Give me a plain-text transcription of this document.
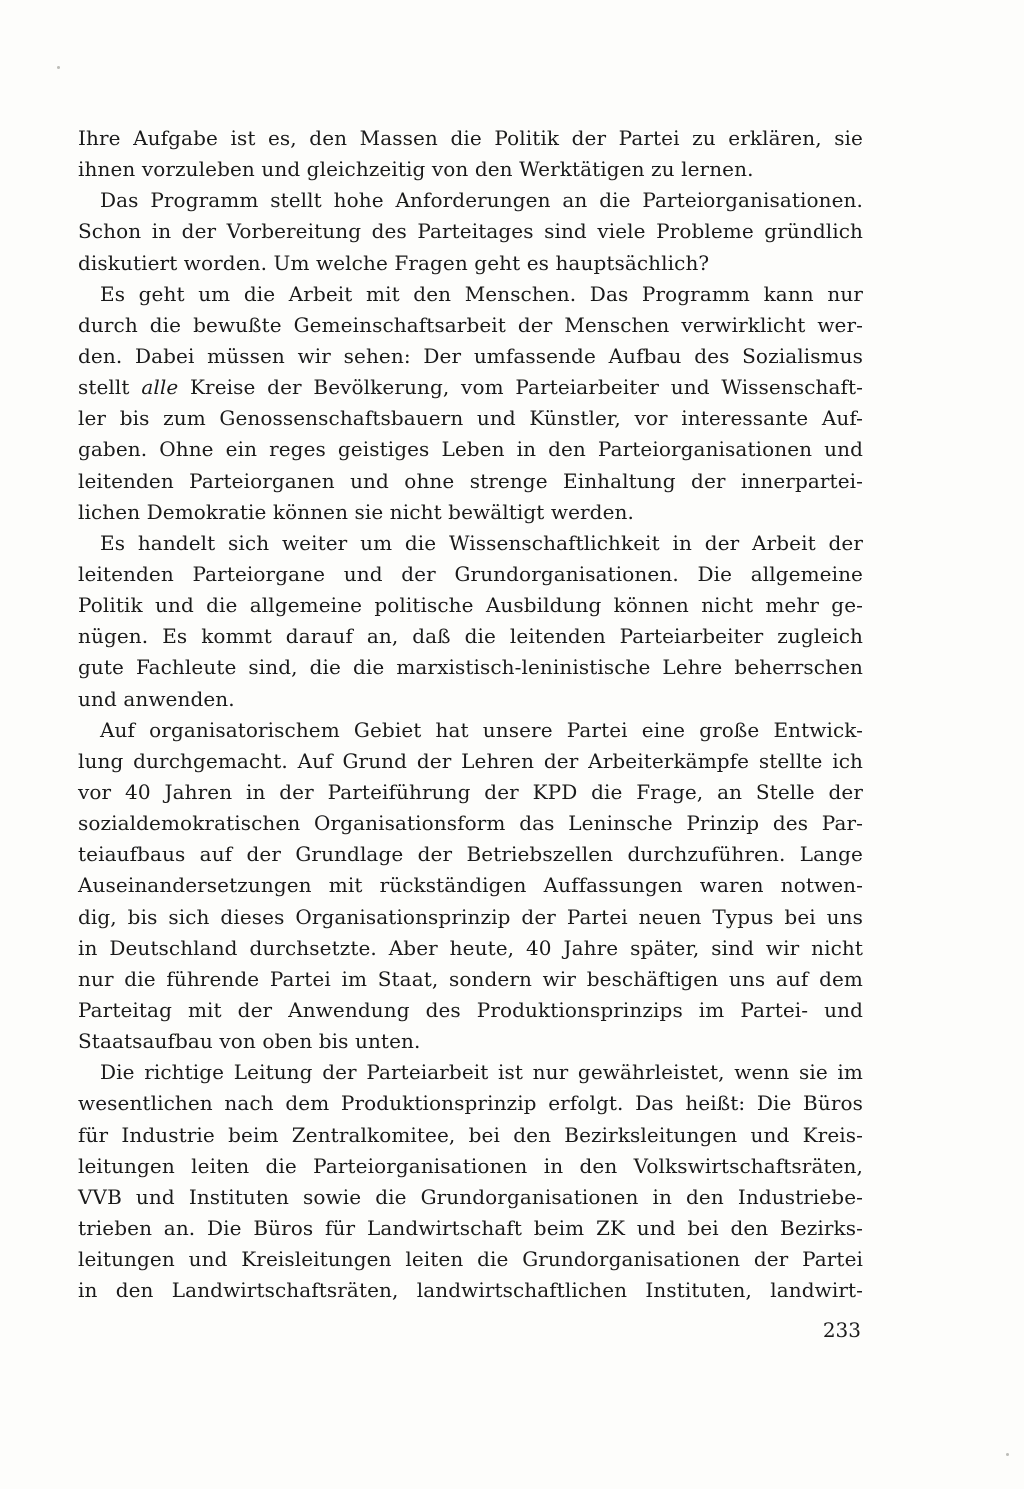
Ihre Aufgabe ist es, den Massen die Politik der Partei zu erklären, sie
ihnen vorzuleben und gleichzeitig von den Werktätigen zu lernen.
Das Programm stellt hohe Anforderungen an die Parteiorganisationen.
Schon in der Vorbereitung des Parteitages sind viele Probleme gründlich
diskutiert worden. Um welche Fragen geht es hauptsächlich?
Es geht um die Arbeit mit den Menschen. Das Programm kann nur
durch die bewußte Gemeinschaftsarbeit der Menschen verwirklicht wer-
den. Dabei müssen wir sehen: Der umfassende Aufbau des Sozialismus
stellt alle Kreise der Bevölkerung, vom Parteiarbeiter und Wissenschaft-
ler bis zum Genossenschaftsbauern und Künstler, vor interessante Auf-
gaben. Ohne ein reges geistiges Leben in den Parteiorganisationen und
leitenden Parteiorganen und ohne strenge Einhaltung der innerpartei-
lichen Demokratie können sie nicht bewältigt werden.
Es handelt sich weiter um die Wissenschaftlichkeit in der Arbeit der
leitenden Parteiorgane und der Grundorganisationen. Die allgemeine
Politik und die allgemeine politische Ausbildung können nicht mehr ge-
nügen. Es kommt darauf an, daß die leitenden Parteiarbeiter zugleich
gute Fachleute sind, die die marxistisch-leninistische Lehre beherrschen
und anwenden.
Auf organisatorischem Gebiet hat unsere Partei eine große Entwick-
lung durchgemacht. Auf Grund der Lehren der Arbeiterkämpfe stellte ich
vor 40 Jahren in der Parteiführung der KPD die Frage, an Stelle der
sozialdemokratischen Organisationsform das Leninsche Prinzip des Par-
teiaufbaus auf der Grundlage der Betriebszellen durchzuführen. Lange
Auseinandersetzungen mit rückständigen Auffassungen waren notwen-
dig, bis sich dieses Organisationsprinzip der Partei neuen Typus bei uns
in Deutschland durchsetzte. Aber heute, 40 Jahre später, sind wir nicht
nur die führende Partei im Staat, sondern wir beschäftigen uns auf dem
Parteitag mit der Anwendung des Produktionsprinzips im Partei- und
Staatsaufbau von oben bis unten.
Die richtige Leitung der Parteiarbeit ist nur gewährleistet, wenn sie im
wesentlichen nach dem Produktionsprinzip erfolgt. Das heißt: Die Büros
für Industrie beim Zentralkomitee, bei den Bezirksleitungen und Kreis-
leitungen leiten die Parteiorganisationen in den Volkswirtschaftsräten,
VVB und Instituten sowie die Grundorganisationen in den Industriebe-
trieben an. Die Büros für Landwirtschaft beim ZK und bei den Bezirks-
leitungen und Kreisleitungen leiten die Grundorganisationen der Partei
in den Landwirtschaftsräten, landwirtschaftlichen Instituten, landwirt-
233
